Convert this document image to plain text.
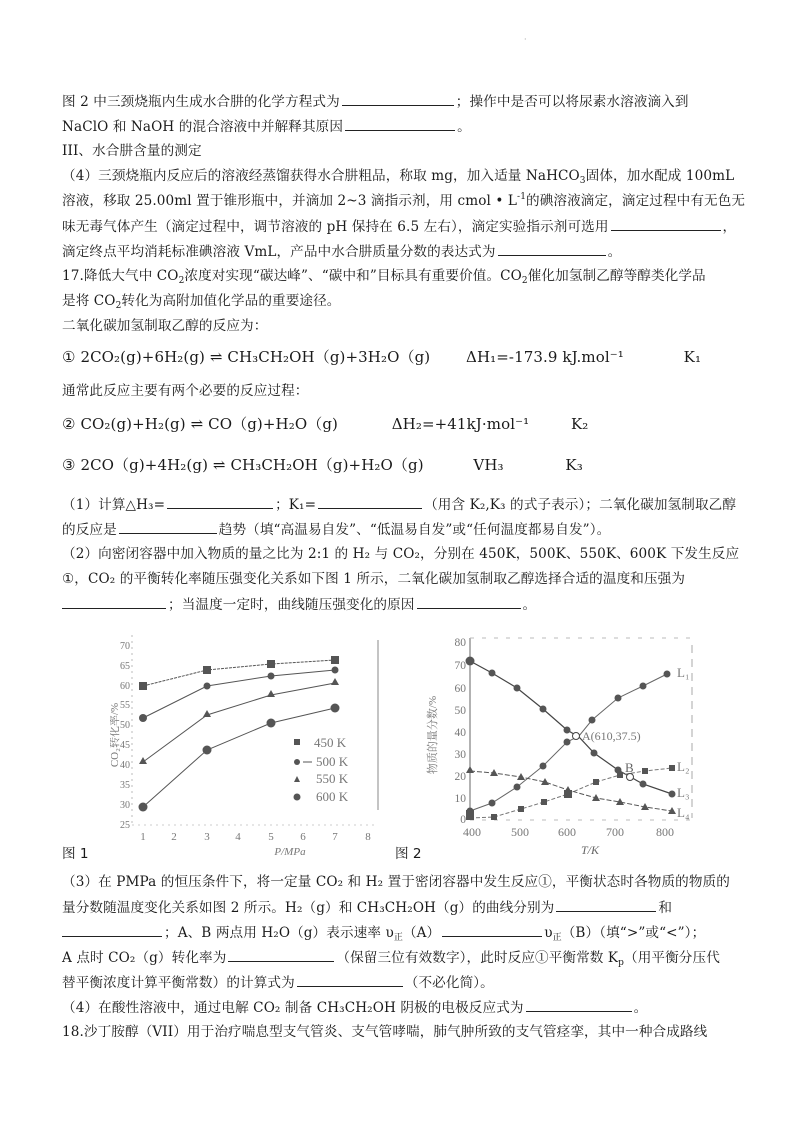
图 2 中三颈烧瓶内生成水合肼的化学方程式为	；操作中是否可以将尿素水溶液滴入到
NaClO 和 NaOH 的混合溶液中并解释其原因	。
III、水合肼含量的测定
（4）三颈烧瓶内反应后的溶液经蒸馏获得水合肼粗品，称取 mg，加入适量 NaHCO$_3$固体，加水配成 100mL
溶液，移取 25.00ml 置于锥形瓶中，并滴加 2~3 滴指示剂，用 cmol • $L^{-1}$的碘溶液滴定，滴定过程中有无色无
味无毒气体产生（滴定过程中，调节溶液的 pH 保持在 6.5 左右），滴定实验指示剂可选用	，
滴定终点平均消耗标准碘溶液 VmL，产品中水合肼质量分数的表达式为	。
17.降低大气中 $CO_2$浓度对实现“碳达峰”、“碳中和”目标具有重要价值。$CO_2$催化加氢制乙醇等醇类化学品
是将 $CO_2$转化为高附加值化学品的重要途径。
二氧化碳加氢制取乙醇的反应为：
① 2CO₂(g)+6H₂(g) ⇌ CH₃CH₂OH（g)+3H₂O（g) ΔH₁=-173.9 kJ.mol⁻¹	K₁
通常此反应主要有两个必要的反应过程：
② CO₂(g)+H₂(g) ⇌ CO（g)+H₂O（g)	ΔH₂=+41kJ·mol⁻¹	K₂
③ 2CO（g)+4H₂(g) ⇌ CH₃CH₂OH（g)+H₂O（g)	VH₃	K₃
（1）计算△H₃=	；K₁=	（用含 K₂,K₃ 的式子表示）；二氧化碳加氢制取乙醇
的反应是	趋势（填“高温易自发”、“低温易自发”或“任何温度都易自发”）。
（2）向密闭容器中加入物质的量之比为 2:1 的 H₂ 与 CO₂，分别在 450K，500K、550K、600K 下发生反应
①，CO₂ 的平衡转化率随压强变化关系如下图 1 所示，二氧化碳加氢制取乙醇选择合适的温度和压强为
；当温度一定时，曲线随压强变化的原因	。
25
30
35
40
45
50
55
60
65
70
CO₂转化率/%
1 2	3 4	5 6 7	8
P/MPa
450 K
500 K
550 K
600 K
0
10
20
30
40
50
60
70
80
物质的量分数/%
400	500 600	700	800
T/K
A(610,37.5)
B
L₁
L₂
L₃
L₄
图 1	图 2
（3）在 PMPa 的恒压条件下，将一定量 CO₂ 和 H₂ 置于密闭容器中发生反应①，平衡状态时各物质的物质的
量分数随温度变化关系如图 2 所示。H₂（g）和 CH₃CH₂OH（g）的曲线分别为	和
；A、B 两点用 H₂O（g）表示速率 $\upsilon_正(A)$	$\upsilon_正(B)$（填“>”或“<”）；
A 点时 CO₂（g）转化率为	（保留三位有效数字），此时反应①平衡常数 $K_p$（用平衡分压代
替平衡浓度计算平衡常数）的计算式为	（不必化简）。
（4）在酸性溶液中，通过电解 CO₂ 制备 CH₃CH₂OH 阴极的电极反应式为	。
18.沙丁胺醇（VII）用于治疗喘息型支气管炎、支气管哮喘，肺气肿所致的支气管痉挛，其中一种合成路线
·
